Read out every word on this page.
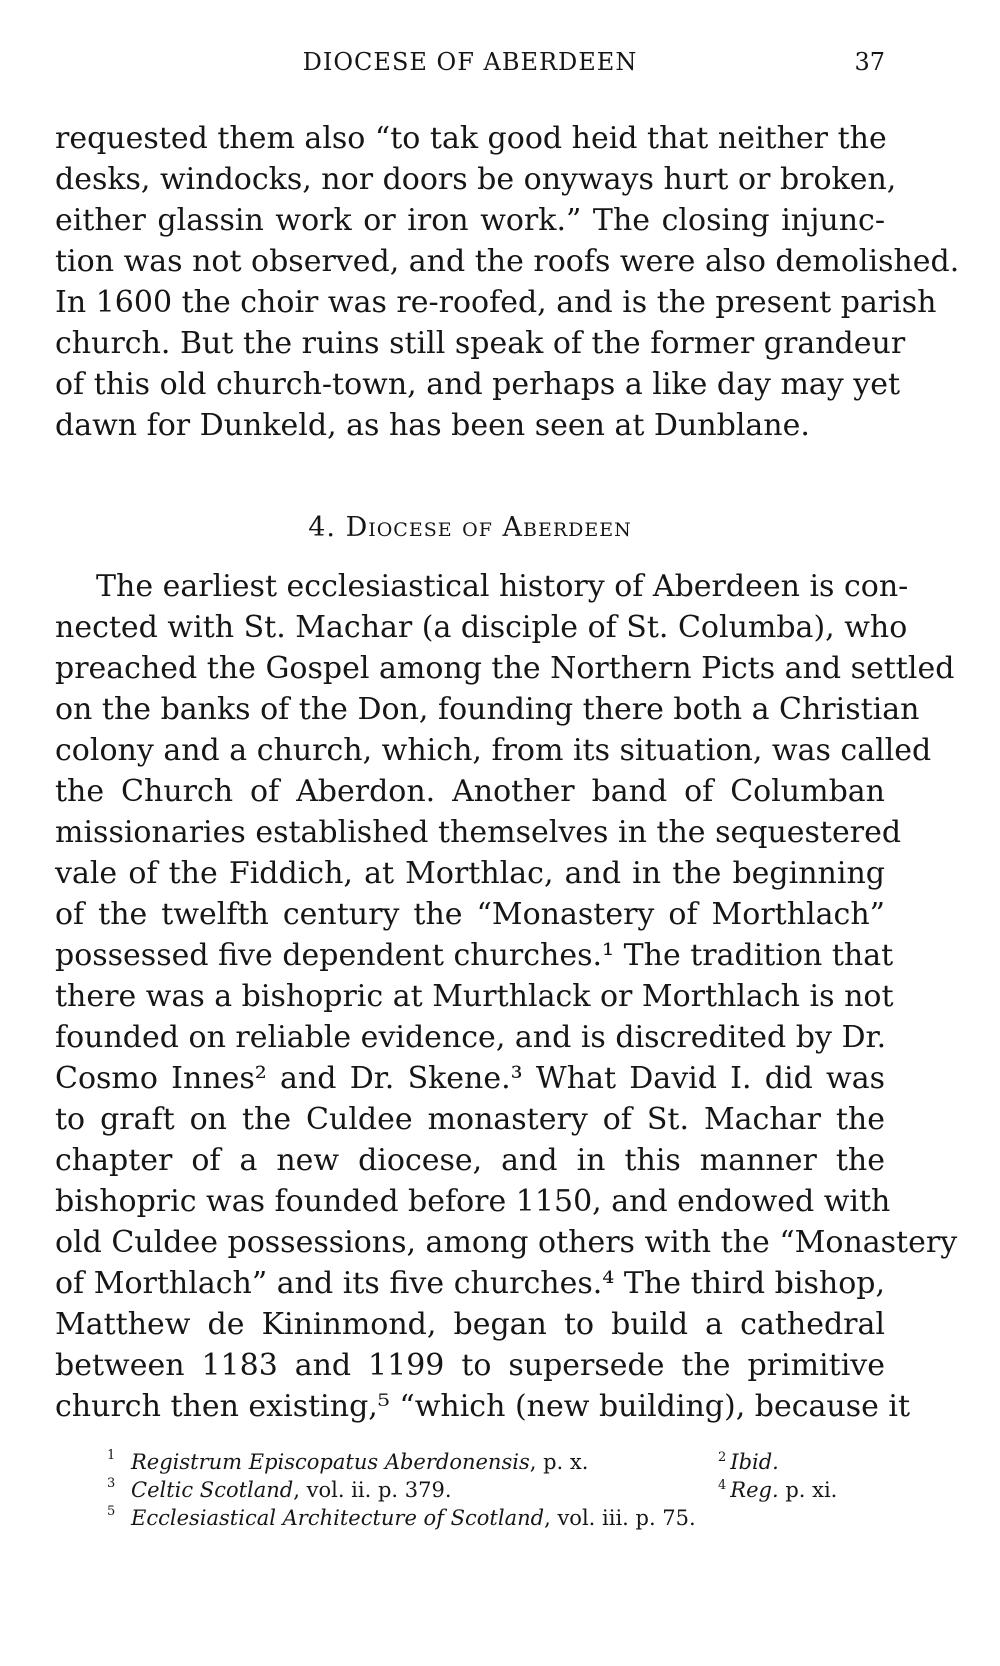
DIOCESE OF ABERDEEN	37
requested them also “to tak good heid that neither the
desks, windocks, nor doors be onyways hurt or broken,
either glassin work or iron work.” The closing injunc-
tion was not observed, and the roofs were also demolished.
In 1600 the choir was re-roofed, and is the present parish
church. But the ruins still speak of the former grandeur
of this old church-town, and perhaps a like day may yet
dawn for Dunkeld, as has been seen at Dunblane.
4. Diocese of Aberdeen
The earliest ecclesiastical history of Aberdeen is con-
nected with St. Machar (a disciple of St. Columba), who
preached the Gospel among the Northern Picts and settled
on the banks of the Don, founding there both a Christian
colony and a church, which, from its situation, was called
the Church of Aberdon. Another band of Columban
missionaries established themselves in the sequestered
vale of the Fiddich, at Morthlac, and in the beginning
of the twelfth century the “Monastery of Morthlach”
possessed five dependent churches.¹ The tradition that
there was a bishopric at Murthlack or Morthlach is not
founded on reliable evidence, and is discredited by Dr.
Cosmo Innes² and Dr. Skene.³ What David I. did was
to graft on the Culdee monastery of St. Machar the
chapter of a new diocese, and in this manner the
bishopric was founded before 1150, and endowed with
old Culdee possessions, among others with the “Monastery
of Morthlach” and its five churches.⁴ The third bishop,
Matthew de Kininmond, began to build a cathedral
between 1183 and 1199 to supersede the primitive
church then existing,⁵ “which (new building), because it
1 Registrum Episcopatus Aberdonensis, p. x.	$^2$ Ibid.
3 Celtic Scotland, vol. ii. p. 379.	$^4$ Reg. p. xi.
5 Ecclesiastical Architecture of Scotland, vol. iii. p. 75.
